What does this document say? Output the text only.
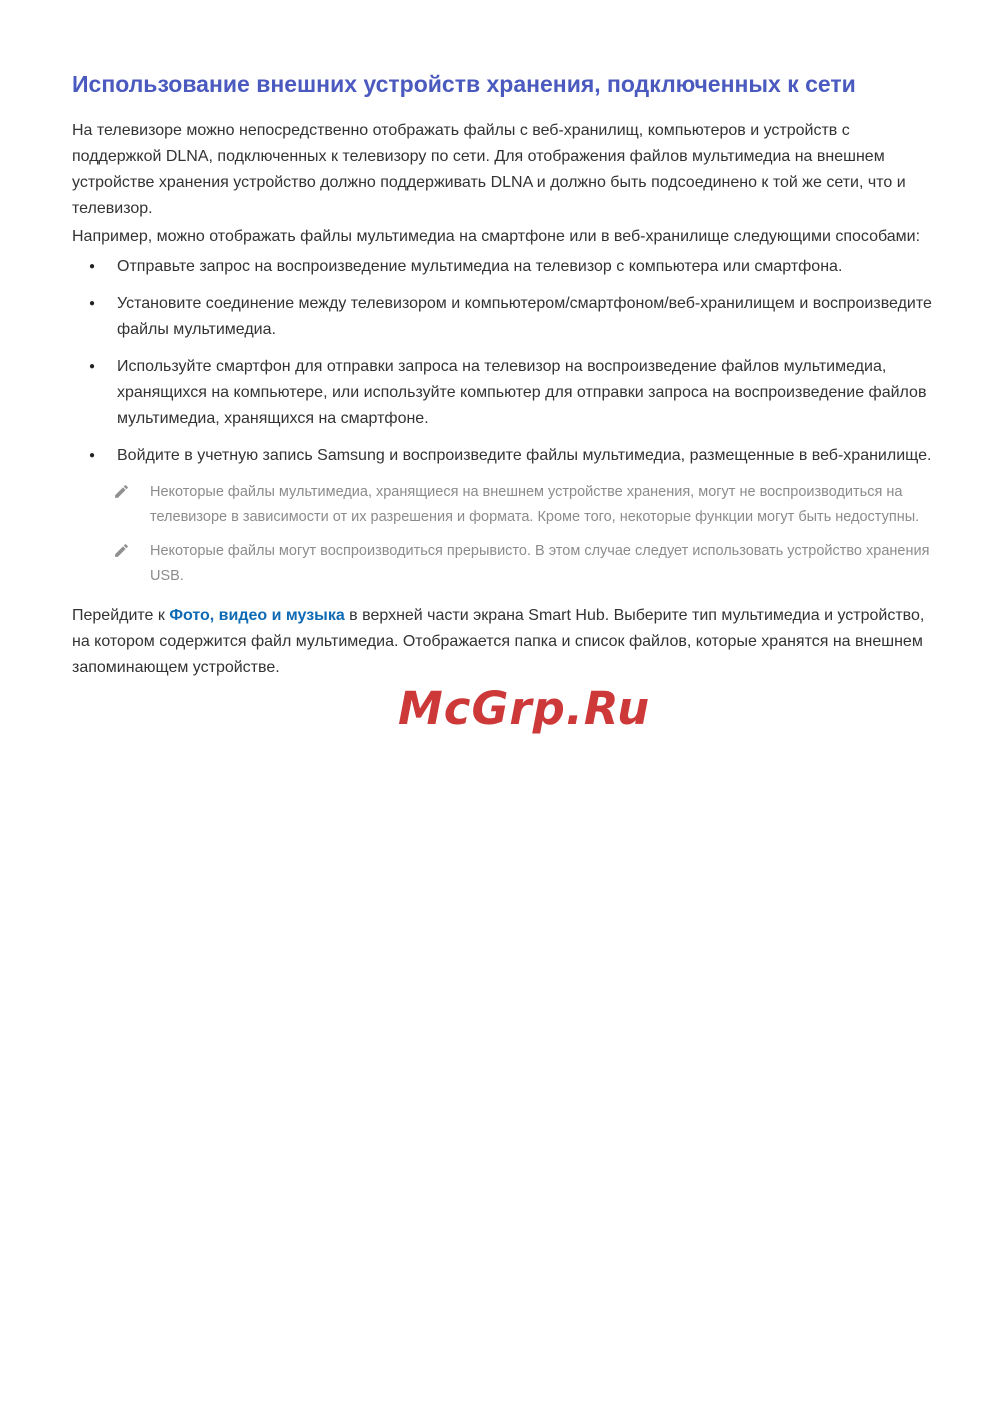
Использование внешних устройств хранения, подключенных к сети

На телевизоре можно непосредственно отображать файлы с веб-хранилищ, компьютеров и устройств с поддержкой DLNA, подключенных к телевизору по сети. Для отображения файлов мультимедиа на внешнем устройстве хранения устройство должно поддерживать DLNA и должно быть подсоединено к той же сети, что и телевизор.

Например, можно отображать файлы мультимедиа на смартфоне или в веб-хранилище следующими способами:

●	Отправьте запрос на воспроизведение мультимедиа на телевизор с компьютера или смартфона.
●	Установите соединение между телевизором и компьютером/смартфоном/веб-хранилищем и воспроизведите файлы мультимедиа.
●	Используйте смартфон для отправки запроса на телевизор на воспроизведение файлов мультимедиа, хранящихся на компьютере, или используйте компьютер для отправки запроса на воспроизведение файлов мультимедиа, хранящихся на смартфоне.
●	Войдите в учетную запись Samsung и воспроизведите файлы мультимедиа, размещенные в веб-хранилище.
Некоторые файлы мультимедиа, хранящиеся на внешнем устройстве хранения, могут не воспроизводиться на телевизоре в зависимости от их разрешения и формата. Кроме того, некоторые функции могут быть недоступны.
Некоторые файлы могут воспроизводиться прерывисто. В этом случае следует использовать устройство хранения USB.

Перейдите к Фото, видео и музыка в верхней части экрана Smart Hub. Выберите тип мультимедиа и устройство, на котором содержится файл мультимедиа. Отображается папка и список файлов, которые хранятся на внешнем запоминающем устройстве.

McGrp.Ru
